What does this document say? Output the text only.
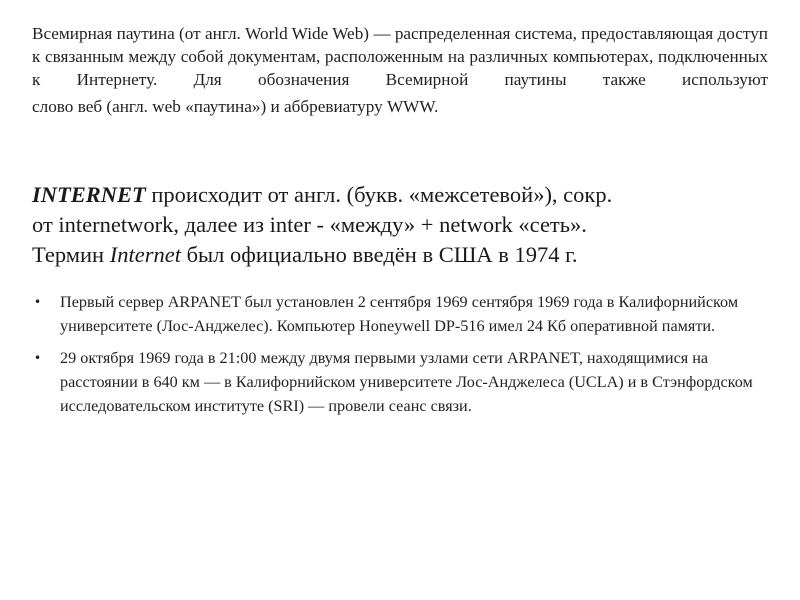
Всемирная паутина (от англ. World Wide Web) — распределенная система, предоставляющая доступ к связанным между собой документам, расположенным на различных компьютерах, подключенных к Интернету. Для обозначения Всемирной паутины также используют
слово веб (англ. web «паутина») и аббревиатуру WWW.

INTERNET происходит от англ. (букв. «межсетевой»), сокр.
от internetwork, далее из inter - «между» + network «сеть».
Термин Internet был официально введён в США в 1974 г.
• Первый сервер ARPANET был установлен 2 сентября 1969 сентября 1969 года в Калифорнийском университете (Лос-Анджелес). Компьютер Honeywell DP-516 имел 24 Кб оперативной памяти.
• 29 октября 1969 года в 21:00 между двумя первыми узлами сети ARPANET, находящимися на расстоянии в 640 км — в Калифорнийском университете Лос-Анджелеса (UCLA) и в Стэнфордском исследовательском институте (SRI) — провели сеанс связи.
